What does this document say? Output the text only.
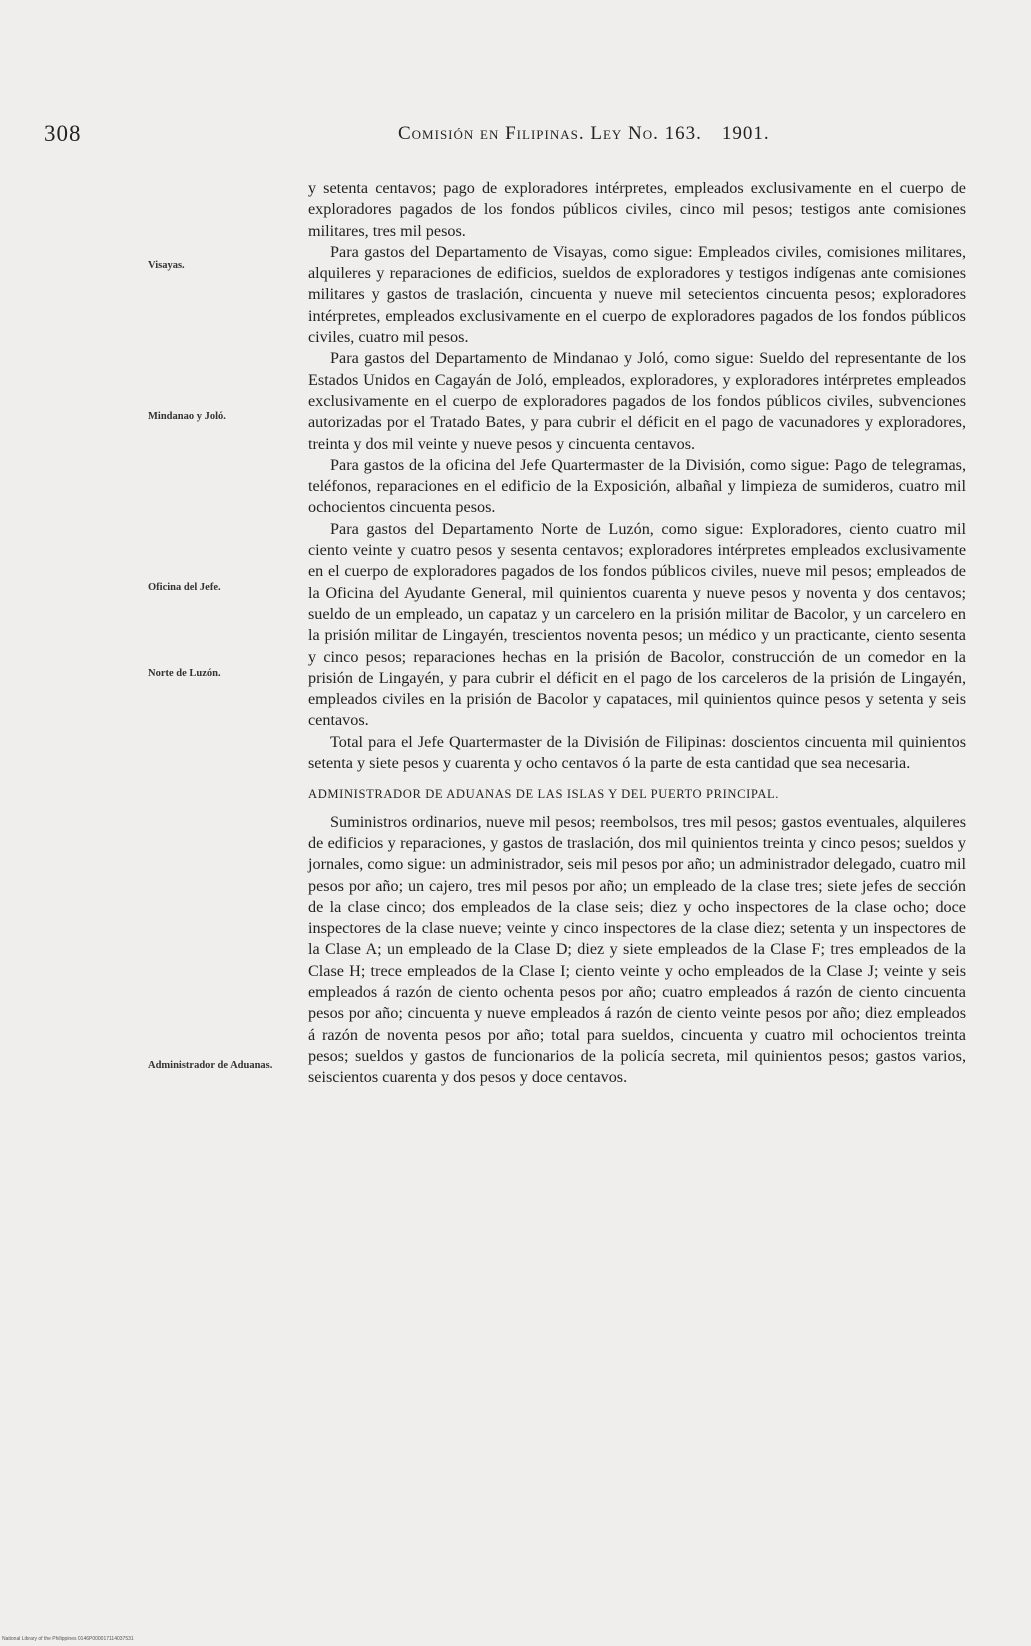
308	Comisión en Filipinas. Ley No. 163. 1901.
Visayas.
Mindanao y Joló.
Oficina del Jefe.
Norte de Luzón.
Administrador de Aduanas.

y setenta centavos; pago de exploradores intérpretes, empleados exclusivamente en el cuerpo de exploradores pagados de los fondos públicos civiles, cinco mil pesos; testigos ante comisiones militares, tres mil pesos.

Para gastos del Departamento de Visayas, como sigue: Empleados civiles, comisiones militares, alquileres y reparaciones de edificios, sueldos de exploradores y testigos indígenas ante comisiones militares y gastos de traslación, cincuenta y nueve mil setecientos cincuenta pesos; exploradores intérpretes, empleados exclusivamente en el cuerpo de exploradores pagados de los fondos públicos civiles, cuatro mil pesos.

Para gastos del Departamento de Mindanao y Joló, como sigue: Sueldo del representante de los Estados Unidos en Cagayán de Joló, empleados, exploradores, y exploradores intérpretes empleados exclusivamente en el cuerpo de exploradores pagados de los fondos públicos civiles, subvenciones autorizadas por el Tratado Bates, y para cubrir el déficit en el pago de vacunadores y exploradores, treinta y dos mil veinte y nueve pesos y cincuenta centavos.

Para gastos de la oficina del Jefe Quartermaster de la División, como sigue: Pago de telegramas, teléfonos, reparaciones en el edificio de la Exposición, albañal y limpieza de sumideros, cuatro mil ochocientos cincuenta pesos.

Para gastos del Departamento Norte de Luzón, como sigue: Exploradores, ciento cuatro mil ciento veinte y cuatro pesos y sesenta centavos; exploradores intérpretes empleados exclusivamente en el cuerpo de exploradores pagados de los fondos públicos civiles, nueve mil pesos; empleados de la Oficina del Ayudante General, mil quinientos cuarenta y nueve pesos y noventa y dos centavos; sueldo de un empleado, un capataz y un carcelero en la prisión militar de Bacolor, y un carcelero en la prisión militar de Lingayén, trescientos noventa pesos; un médico y un practicante, ciento sesenta y cinco pesos; reparaciones hechas en la prisión de Bacolor, construcción de un comedor en la prisión de Lingayén, y para cubrir el déficit en el pago de los carceleros de la prisión de Lingayén, empleados civiles en la prisión de Bacolor y capataces, mil quinientos quince pesos y setenta y seis centavos.

Total para el Jefe Quartermaster de la División de Filipinas: doscientos cincuenta mil quinientos setenta y siete pesos y cuarenta y ocho centavos ó la parte de esta cantidad que sea necesaria.

ADMINISTRADOR DE ADUANAS DE LAS ISLAS Y DEL PUERTO PRINCIPAL.

Suministros ordinarios, nueve mil pesos; reembolsos, tres mil pesos; gastos eventuales, alquileres de edificios y reparaciones, y gastos de traslación, dos mil quinientos treinta y cinco pesos; sueldos y jornales, como sigue: un administrador, seis mil pesos por año; un administrador delegado, cuatro mil pesos por año; un cajero, tres mil pesos por año; un empleado de la clase tres; siete jefes de sección de la clase cinco; dos empleados de la clase seis; diez y ocho inspectores de la clase ocho; doce inspectores de la clase nueve; veinte y cinco inspectores de la clase diez; setenta y un inspectores de la Clase A; un empleado de la Clase D; diez y siete empleados de la Clase F; tres empleados de la Clase H; trece empleados de la Clase I; ciento veinte y ocho empleados de la Clase J; veinte y seis empleados á razón de ciento ochenta pesos por año; cuatro empleados á razón de ciento cincuenta pesos por año; cincuenta y nueve empleados á razón de ciento veinte pesos por año; diez empleados á razón de noventa pesos por año; total para sueldos, cincuenta y cuatro mil ochocientos treinta pesos; sueldos y gastos de funcionarios de la policía secreta, mil quinientos pesos; gastos varios, seiscientos cuarenta y dos pesos y doce centavos.

National Library of the Philippines 0146P000017114037531
